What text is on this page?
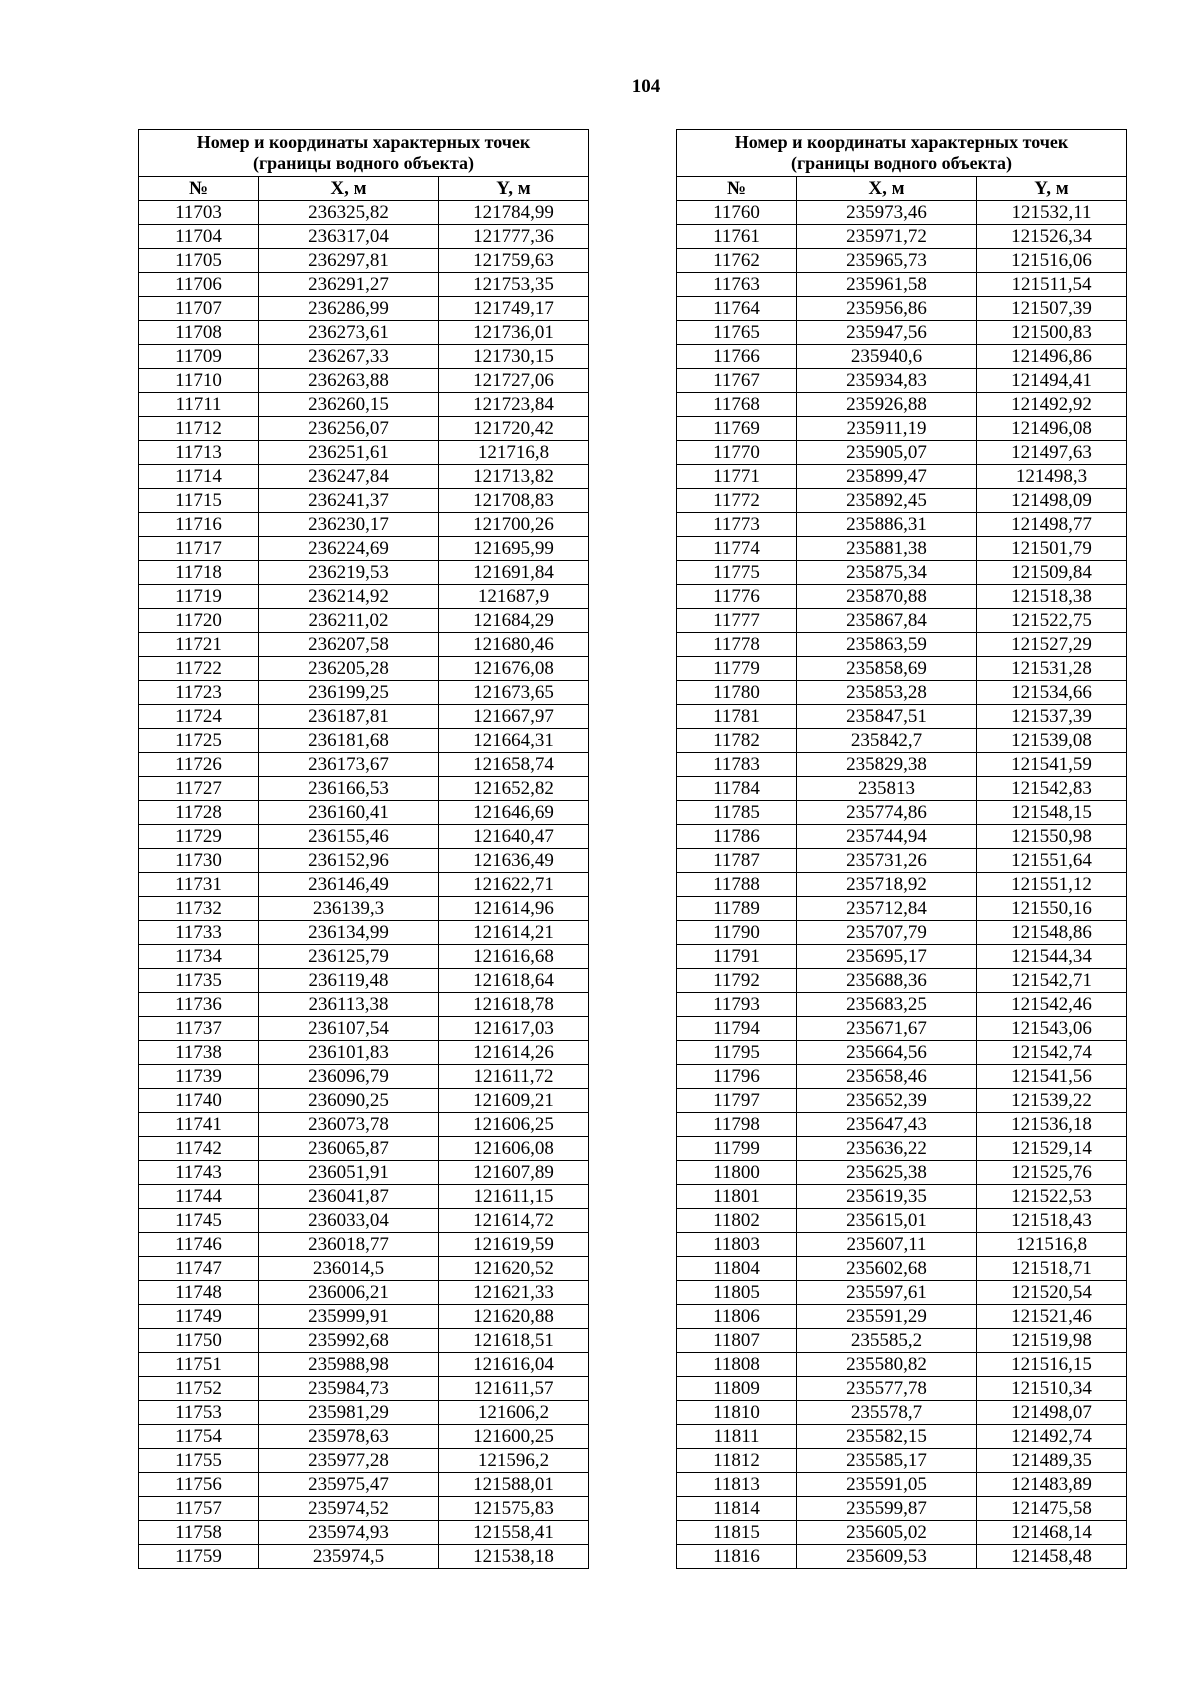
104
Номер и координаты характерных точек
(границы водного объекта)		
№	X, м	Y, м
11703	236325,82	121784,99
11704	236317,04	121777,36
11705	236297,81	121759,63
11706	236291,27	121753,35
11707	236286,99	121749,17
11708	236273,61	121736,01
11709	236267,33	121730,15
11710	236263,88	121727,06
11711	236260,15	121723,84
11712	236256,07	121720,42
11713	236251,61	121716,8
11714	236247,84	121713,82
11715	236241,37	121708,83
11716	236230,17	121700,26
11717	236224,69	121695,99
11718	236219,53	121691,84
11719	236214,92	121687,9
11720	236211,02	121684,29
11721	236207,58	121680,46
11722	236205,28	121676,08
11723	236199,25	121673,65
11724	236187,81	121667,97
11725	236181,68	121664,31
11726	236173,67	121658,74
11727	236166,53	121652,82
11728	236160,41	121646,69
11729	236155,46	121640,47
11730	236152,96	121636,49
11731	236146,49	121622,71
11732	236139,3	121614,96
11733	236134,99	121614,21
11734	236125,79	121616,68
11735	236119,48	121618,64
11736	236113,38	121618,78
11737	236107,54	121617,03
11738	236101,83	121614,26
11739	236096,79	121611,72
11740	236090,25	121609,21
11741	236073,78	121606,25
11742	236065,87	121606,08
11743	236051,91	121607,89
11744	236041,87	121611,15
11745	236033,04	121614,72
11746	236018,77	121619,59
11747	236014,5	121620,52
11748	236006,21	121621,33
11749	235999,91	121620,88
11750	235992,68	121618,51
11751	235988,98	121616,04
11752	235984,73	121611,57
11753	235981,29	121606,2
11754	235978,63	121600,25
11755	235977,28	121596,2
11756	235975,47	121588,01
11757	235974,52	121575,83
11758	235974,93	121558,41
11759	235974,5	121538,18
Номер и координаты характерных точек
(границы водного объекта)		
№	X, м	Y, м
11760	235973,46	121532,11
11761	235971,72	121526,34
11762	235965,73	121516,06
11763	235961,58	121511,54
11764	235956,86	121507,39
11765	235947,56	121500,83
11766	235940,6	121496,86
11767	235934,83	121494,41
11768	235926,88	121492,92
11769	235911,19	121496,08
11770	235905,07	121497,63
11771	235899,47	121498,3
11772	235892,45	121498,09
11773	235886,31	121498,77
11774	235881,38	121501,79
11775	235875,34	121509,84
11776	235870,88	121518,38
11777	235867,84	121522,75
11778	235863,59	121527,29
11779	235858,69	121531,28
11780	235853,28	121534,66
11781	235847,51	121537,39
11782	235842,7	121539,08
11783	235829,38	121541,59
11784	235813	121542,83
11785	235774,86	121548,15
11786	235744,94	121550,98
11787	235731,26	121551,64
11788	235718,92	121551,12
11789	235712,84	121550,16
11790	235707,79	121548,86
11791	235695,17	121544,34
11792	235688,36	121542,71
11793	235683,25	121542,46
11794	235671,67	121543,06
11795	235664,56	121542,74
11796	235658,46	121541,56
11797	235652,39	121539,22
11798	235647,43	121536,18
11799	235636,22	121529,14
11800	235625,38	121525,76
11801	235619,35	121522,53
11802	235615,01	121518,43
11803	235607,11	121516,8
11804	235602,68	121518,71
11805	235597,61	121520,54
11806	235591,29	121521,46
11807	235585,2	121519,98
11808	235580,82	121516,15
11809	235577,78	121510,34
11810	235578,7	121498,07
11811	235582,15	121492,74
11812	235585,17	121489,35
11813	235591,05	121483,89
11814	235599,87	121475,58
11815	235605,02	121468,14
11816	235609,53	121458,48
